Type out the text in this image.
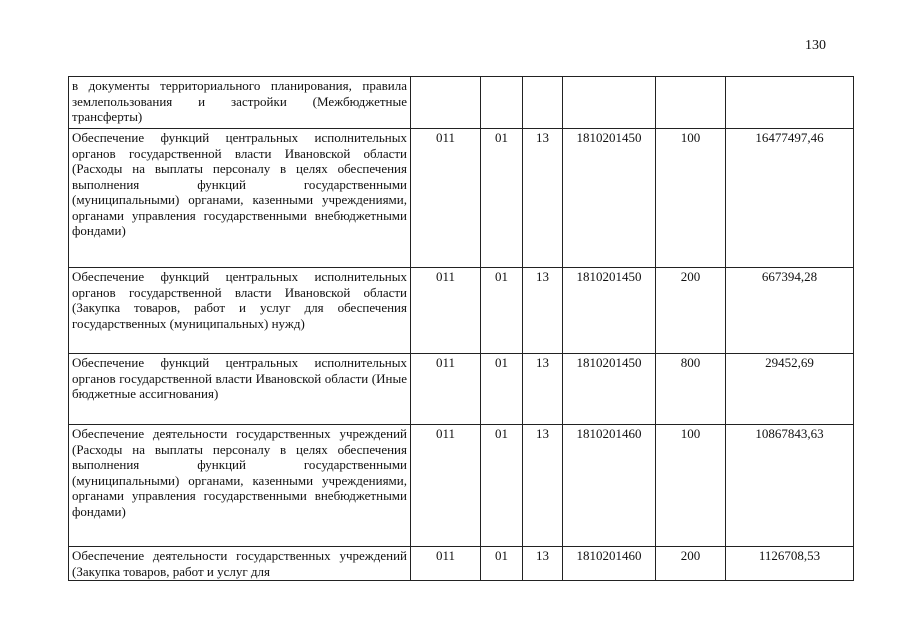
130
в документы территориального планирования, правила землепользования и застройки (Межбюджетные трансферты)						
Обеспечение функций центральных исполнительных органов государственной власти Ивановской области (Расходы на выплаты персоналу в целях обеспечения выполнения функций государственными (муниципальными) органами, казенными учреждениями, органами управления государственными внебюджетными фондами)	011	01	13	1810201450	100	16477497,46
Обеспечение функций центральных исполнительных органов государственной власти Ивановской области (Закупка товаров, работ и услуг для обеспечения государственных (муниципальных) нужд)	011	01	13	1810201450	200	667394,28
Обеспечение функций центральных исполнительных органов государственной власти Ивановской области (Иные бюджетные ассигнования)	011	01	13	1810201450	800	29452,69
Обеспечение деятельности государственных учреждений (Расходы на выплаты персоналу в целях обеспечения выполнения функций государственными (муниципальными) органами, казенными учреждениями, органами управления государственными внебюджетными фондами)	011	01	13	1810201460	100	10867843,63

Обеспечение деятельности государственных учреждений (Закупка товаров, работ и услуг для	011	01	13	1810201460	200	1126708,53
